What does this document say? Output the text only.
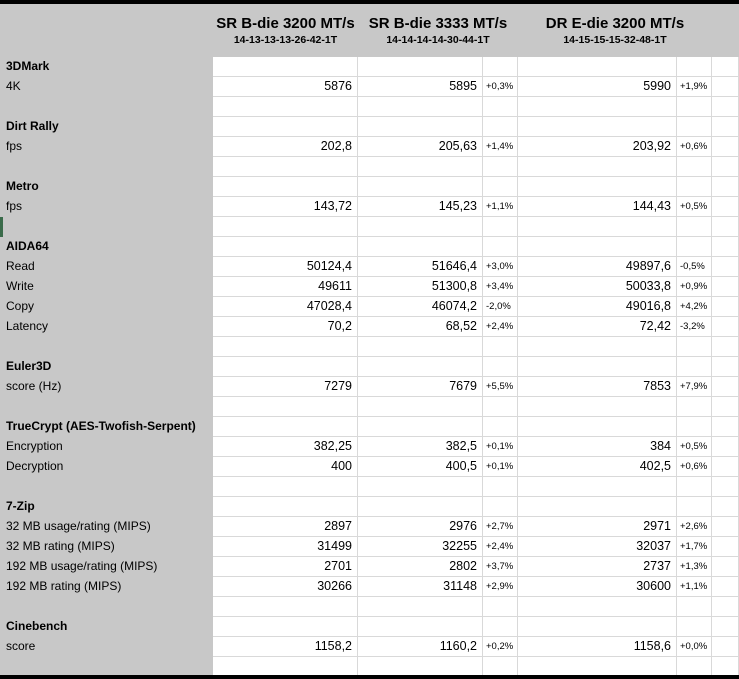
SR B-die 3200 MT/s
14-13-13-13-26-42-1T
SR B-die 3333 MT/s
14-14-14-14-30-44-1T
DR E-die 3200 MT/s
14-15-15-15-32-48-1T
3DMark
4K	5876	5895 +0,3%	5990 +1,9%
Dirt Rally
fps	202,8	205,63 +1,4%	203,92 +0,6%
Metro
fps	143,72	145,23 +1,1%	144,43 +0,5%
AIDA64
Read	50124,4	51646,4 +3,0%	49897,6 -0,5%
Write	49611	51300,8 +3,4%	50033,8 +0,9%
Copy	47028,4	46074,2 -2,0%	49016,8 +4,2%
Latency	70,2	68,52 +2,4%	72,42 -3,2%
Euler3D
score (Hz)	7279	7679 +5,5%	7853 +7,9%
TrueCrypt (AES-Twofish-Serpent)
Encryption	382,25	382,5 +0,1%	384 +0,5%
Decryption	400	400,5 +0,1%	402,5 +0,6%
7-Zip
32 MB usage/rating (MIPS)	2897	2976 +2,7%	2971 +2,6%
32 MB rating (MIPS)	31499	32255 +2,4%	32037 +1,7%
192 MB usage/rating (MIPS)	2701	2802 +3,7%	2737 +1,3%
192 MB rating (MIPS)	30266	31148 +2,9%	30600 +1,1%
Cinebench
score	1158,2	1160,2 +0,2%	1158,6 +0,0%
